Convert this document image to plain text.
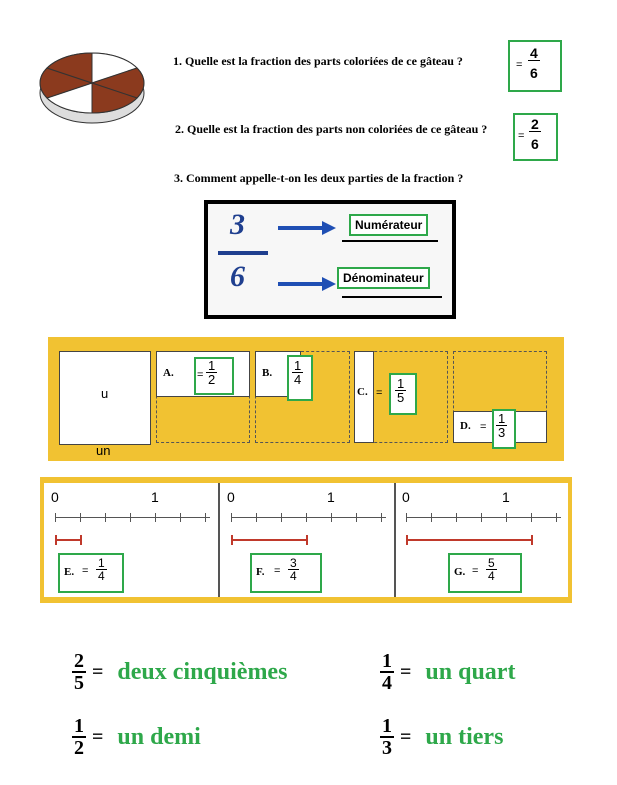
1. Quelle est la fraction des parts coloriées de ce gâteau ?	= $\frac{4}{6}$
2. Quelle est la fraction des parts non coloriées de ce gâteau ?	= $\frac{2}{6}$
3. Comment appelle-t-on les deux parties de la fraction ?
3
6
Numérateur
Dénominateur
u
un
A. = $\frac{1}{2}$	B. $\frac{1}{4}$
C. = $\frac{1}{5}$
D. = $\frac{1}{3}$
0	1
E. = $\frac{1}{4}$
0	1
F. = $\frac{3}{4}$
0	1
G. = $\frac{5}{4}$
$\frac{2}{5}$ = deux cinquièmes	$\frac{1}{4}$ = un quart
$\frac{1}{2}$ = un demi	$\frac{1}{3}$ = un tiers
